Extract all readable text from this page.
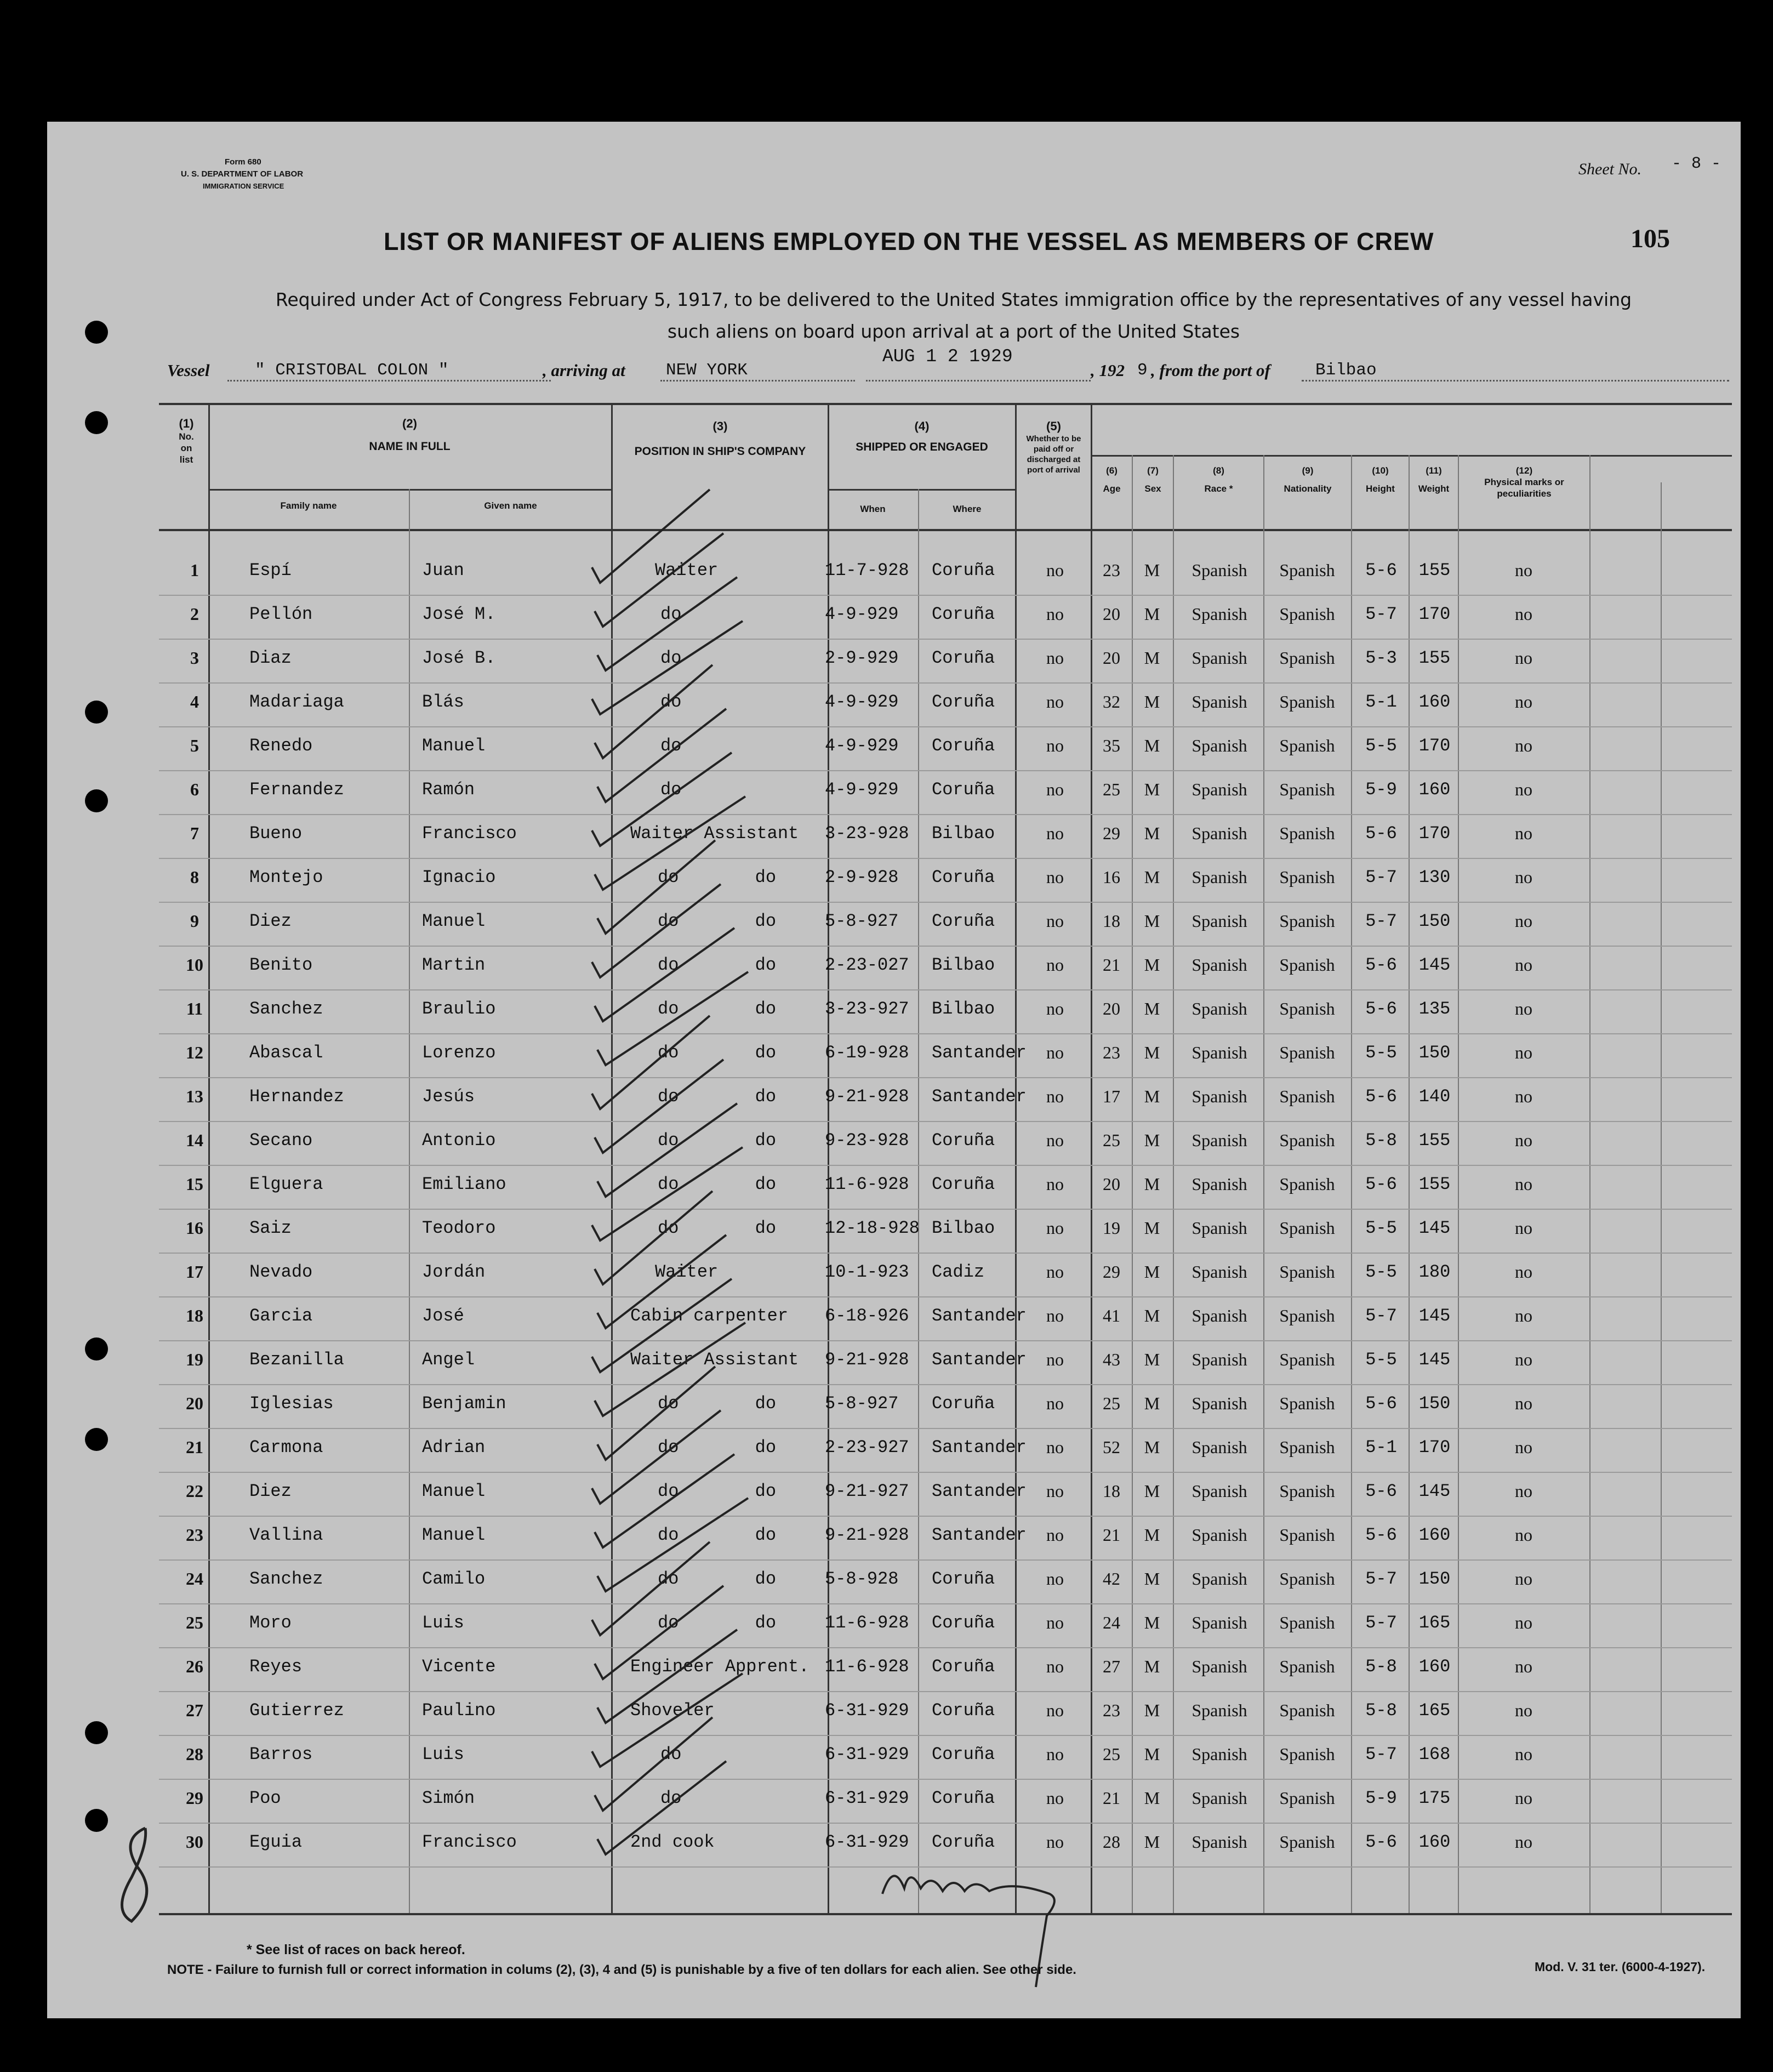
Form 680
U. S. DEPARTMENT OF LABOR
IMMIGRATION SERVICE
Sheet No. - 8 -
LIST OR MANIFEST OF ALIENS EMPLOYED ON THE VESSEL AS MEMBERS OF CREW	105
Required under Act of Congress February 5, 1917, to be delivered to the United States immigration office by the representatives of any vessel having such aliens on board upon arrival at a port of the United States
Vessel	" CRISTOBAL COLON "	, arriving at NEW YORK
AUG 1 2 1929
, 192 9 , from the port of	Bilbao
(1)
No. on list
(2)
NAME IN FULL
Family name	Given name
(3)
POSITION IN SHIP'S COMPANY
(4)
SHIPPED OR ENGAGED
When	Where
(5)
Whether to be paid off or discharged at port of arrival	(6)
Age
(7)
Sex
(8)
Race *
(9)
Nationality
(10)
Height
(11)
Weight
(12)
Physical marks or peculiarities
1	Espí	Juan	Waiter	11-7-928 Coruña	no	23	M	Spanish	Spanish	5-6	155	no
2	Pellón	José M.	do	4-9-929 Coruña	no	20	M	Spanish	Spanish	5-7	170	no
3	Diaz	José B.	do	2-9-929 Coruña	no	20	M	Spanish	Spanish	5-3	155	no
4	Madariaga	Blás	do	4-9-929 Coruña	no	32	M	Spanish	Spanish	5-1	160	no
5	Renedo	Manuel	do	4-9-929 Coruña	no	35	M	Spanish	Spanish	5-5	170	no
6	Fernandez	Ramón	do	4-9-929 Coruña	no	25	M	Spanish	Spanish	5-9	160	no
7	Bueno	Francisco	Waiter Assistant 3-23-928 Bilbao	no	29	M	Spanish	Spanish	5-6	170	no
8	Montejo	Ignacio	do do	2-9-928 Coruña	no	16	M	Spanish	Spanish	5-7	130	no
9	Diez	Manuel	do do	5-8-927 Coruña	no	18	M	Spanish	Spanish	5-7	150	no
10	Benito	Martin	do do	2-23-027 Bilbao	no	21	M	Spanish	Spanish	5-6	145	no
11	Sanchez	Braulio	do do	3-23-927 Bilbao	no	20	M	Spanish	Spanish	5-6	135	no
12	Abascal	Lorenzo	do do	6-19-928 Santander	no	23	M	Spanish	Spanish	5-5	150	no
13	Hernandez	Jesús	do do	9-21-928 Santander	no	17	M	Spanish	Spanish	5-6	140	no
14	Secano	Antonio	do do	9-23-928 Coruña	no	25	M	Spanish	Spanish	5-8	155	no
15	Elguera	Emiliano	do do	11-6-928 Coruña	no	20	M	Spanish	Spanish	5-6	155	no
16	Saiz	Teodoro	do do	12-18-928 Bilbao	no	19	M	Spanish	Spanish	5-5	145	no
17	Nevado	Jordán	Waiter	10-1-923 Cadiz	no	29	M	Spanish	Spanish	5-5	180	no
18	Garcia	José	Cabin carpenter 6-18-926 Santander	no	41	M	Spanish	Spanish	5-7	145	no
19	Bezanilla	Angel	Waiter Assistant 9-21-928 Santander	no	43	M	Spanish	Spanish	5-5	145	no
20	Iglesias	Benjamin	do do	5-8-927 Coruña	no	25	M	Spanish	Spanish	5-6	150	no
21	Carmona	Adrian	do do	2-23-927 Santander	no	52	M	Spanish	Spanish	5-1	170	no
22	Diez	Manuel	do do	9-21-927 Santander	no	18	M	Spanish	Spanish	5-6	145	no
23	Vallina	Manuel	do do	9-21-928 Santander	no	21	M	Spanish	Spanish	5-6	160	no
24	Sanchez	Camilo	do do	5-8-928 Coruña	no	42	M	Spanish	Spanish	5-7	150	no
25	Moro	Luis	do do	11-6-928 Coruña	no	24	M	Spanish	Spanish	5-7	165	no
26	Reyes	Vicente	Engineer Apprent. 11-6-928 Coruña	no	27	M	Spanish	Spanish	5-8	160	no
27	Gutierrez	Paulino	Shoveler	6-31-929 Coruña	no	23	M	Spanish	Spanish	5-8	165	no
28	Barros	Luis	do	6-31-929 Coruña	no	25	M	Spanish	Spanish	5-7	168	no
29	Poo	Simón	do	6-31-929 Coruña	no	21	M	Spanish	Spanish	5-9	175	no
30	Eguia	Francisco	2nd cook	6-31-929 Coruña	no	28	M	Spanish	Spanish	5-6	160	no
* See list of races on back hereof.
NOTE - Failure to furnish full or correct information in colums (2), (3), 4 and (5) is punishable by a five of ten dollars for each alien. See other side.	Mod. V. 31 ter. (6000-4-1927).
